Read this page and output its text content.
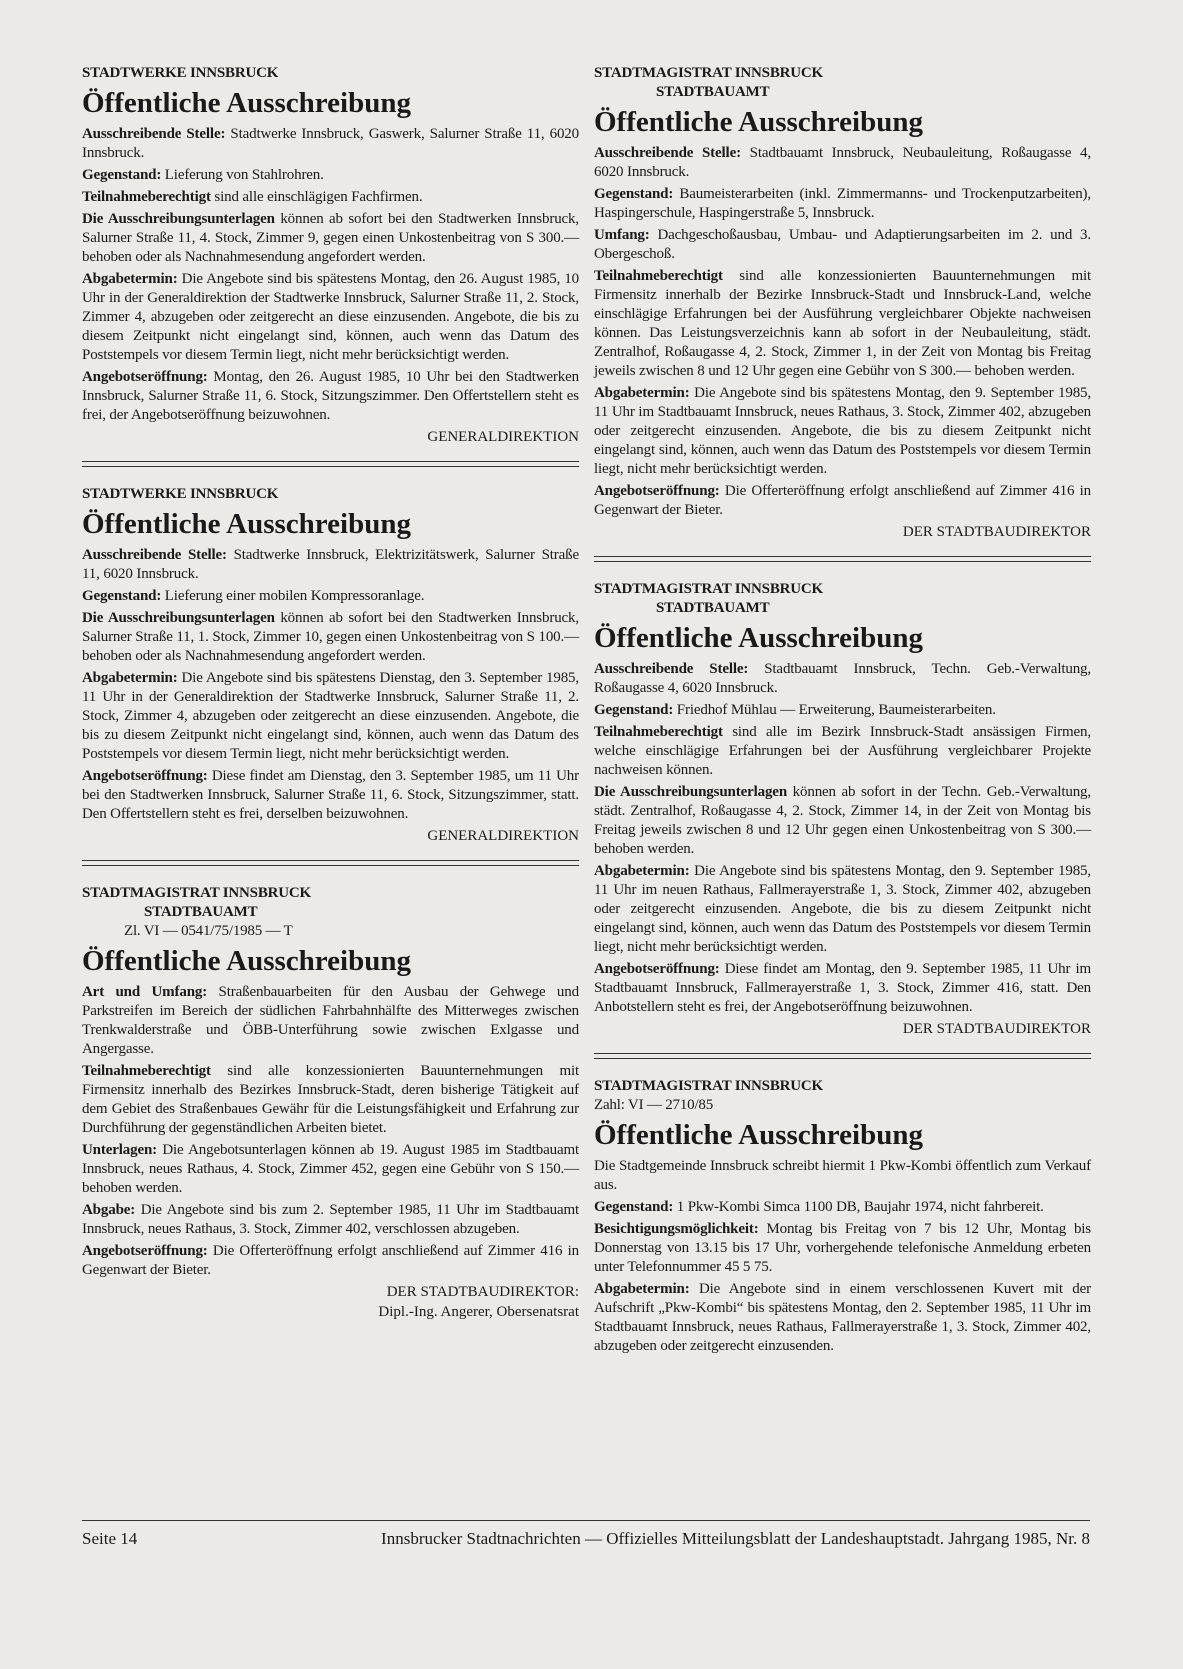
STADTWERKE INNSBRUCK
Öffentliche Ausschreibung

Ausschreibende Stelle: Stadtwerke Innsbruck, Gaswerk, Salurner Straße 11, 6020 Innsbruck.

Gegenstand: Lieferung von Stahlrohren.

Teilnahmeberechtigt sind alle einschlägigen Fachfirmen.

Die Ausschreibungsunterlagen können ab sofort bei den Stadtwerken Innsbruck, Salurner Straße 11, 4. Stock, Zimmer 9, gegen einen Unkostenbeitrag von S 300.— behoben oder als Nachnahmesendung angefordert werden.

Abgabetermin: Die Angebote sind bis spätestens Montag, den 26. August 1985, 10 Uhr in der Generaldirektion der Stadtwerke Innsbruck, Salurner Straße 11, 2. Stock, Zimmer 4, abzugeben oder zeitgerecht an diese einzusenden. Angebote, die bis zu diesem Zeitpunkt nicht eingelangt sind, können, auch wenn das Datum des Poststempels vor diesem Termin liegt, nicht mehr berücksichtigt werden.

Angebotseröffnung: Montag, den 26. August 1985, 10 Uhr bei den Stadtwerken Innsbruck, Salurner Straße 11, 6. Stock, Sitzungszimmer. Den Offertstellern steht es frei, der Angebotseröffnung beizuwohnen.

GENERALDIREKTION
STADTWERKE INNSBRUCK
Öffentliche Ausschreibung

Ausschreibende Stelle: Stadtwerke Innsbruck, Elektrizitätswerk, Salurner Straße 11, 6020 Innsbruck.

Gegenstand: Lieferung einer mobilen Kompressoranlage.

Die Ausschreibungsunterlagen können ab sofort bei den Stadtwerken Innsbruck, Salurner Straße 11, 1. Stock, Zimmer 10, gegen einen Unkostenbeitrag von S 100.— behoben oder als Nachnahmesendung angefordert werden.

Abgabetermin: Die Angebote sind bis spätestens Dienstag, den 3. September 1985, 11 Uhr in der Generaldirektion der Stadtwerke Innsbruck, Salurner Straße 11, 2. Stock, Zimmer 4, abzugeben oder zeitgerecht an diese einzusenden. Angebote, die bis zu diesem Zeitpunkt nicht eingelangt sind, können, auch wenn das Datum des Poststempels vor diesem Termin liegt, nicht mehr berücksichtigt werden.

Angebotseröffnung: Diese findet am Dienstag, den 3. September 1985, um 11 Uhr bei den Stadtwerken Innsbruck, Salurner Straße 11, 6. Stock, Sitzungszimmer, statt. Den Offertstellern steht es frei, derselben beizuwohnen.

GENERALDIREKTION
STADTMAGISTRAT INNSBRUCK
STADTBAUAMT
Zl. VI — 0541/75/1985 — T
Öffentliche Ausschreibung

Art und Umfang: Straßenbauarbeiten für den Ausbau der Gehwege und Parkstreifen im Bereich der südlichen Fahrbahnhälfte des Mitterweges zwischen Trenkwalderstraße und ÖBB-Unterführung sowie zwischen Exlgasse und Angergasse.

Teilnahmeberechtigt sind alle konzessionierten Bauunternehmungen mit Firmensitz innerhalb des Bezirkes Innsbruck-Stadt, deren bisherige Tätigkeit auf dem Gebiet des Straßenbaues Gewähr für die Leistungsfähigkeit und Erfahrung zur Durchführung der gegenständlichen Arbeiten bietet.

Unterlagen: Die Angebotsunterlagen können ab 19. August 1985 im Stadtbauamt Innsbruck, neues Rathaus, 4. Stock, Zimmer 452, gegen eine Gebühr von S 150.— behoben werden.

Abgabe: Die Angebote sind bis zum 2. September 1985, 11 Uhr im Stadtbauamt Innsbruck, neues Rathaus, 3. Stock, Zimmer 402, verschlossen abzugeben.

Angebotseröffnung: Die Offerteröffnung erfolgt anschließend auf Zimmer 416 in Gegenwart der Bieter.

DER STADTBAUDIREKTOR:
Dipl.-Ing. Angerer, Obersenatsrat
STADTMAGISTRAT INNSBRUCK
STADTBAUAMT
Öffentliche Ausschreibung

Ausschreibende Stelle: Stadtbauamt Innsbruck, Neubauleitung, Roßaugasse 4, 6020 Innsbruck.

Gegenstand: Baumeisterarbeiten (inkl. Zimmermanns- und Trockenputzarbeiten), Haspingerschule, Haspingerstraße 5, Innsbruck.

Umfang: Dachgeschoßausbau, Umbau- und Adaptierungsarbeiten im 2. und 3. Obergeschoß.

Teilnahmeberechtigt sind alle konzessionierten Bauunternehmungen mit Firmensitz innerhalb der Bezirke Innsbruck-Stadt und Innsbruck-Land, welche einschlägige Erfahrungen bei der Ausführung vergleichbarer Objekte nachweisen können. Das Leistungsverzeichnis kann ab sofort in der Neubauleitung, städt. Zentralhof, Roßaugasse 4, 2. Stock, Zimmer 1, in der Zeit von Montag bis Freitag jeweils zwischen 8 und 12 Uhr gegen eine Gebühr von S 300.— behoben werden.

Abgabetermin: Die Angebote sind bis spätestens Montag, den 9. September 1985, 11 Uhr im Stadtbauamt Innsbruck, neues Rathaus, 3. Stock, Zimmer 402, abzugeben oder zeitgerecht einzusenden. Angebote, die bis zu diesem Zeitpunkt nicht eingelangt sind, können, auch wenn das Datum des Poststempels vor diesem Termin liegt, nicht mehr berücksichtigt werden.

Angebotseröffnung: Die Offerteröffnung erfolgt anschließend auf Zimmer 416 in Gegenwart der Bieter.

DER STADTBAUDIREKTOR
STADTMAGISTRAT INNSBRUCK
STADTBAUAMT
Öffentliche Ausschreibung

Ausschreibende Stelle: Stadtbauamt Innsbruck, Techn. Geb.-Verwaltung, Roßaugasse 4, 6020 Innsbruck.

Gegenstand: Friedhof Mühlau — Erweiterung, Baumeisterarbeiten.

Teilnahmeberechtigt sind alle im Bezirk Innsbruck-Stadt ansässigen Firmen, welche einschlägige Erfahrungen bei der Ausführung vergleichbarer Projekte nachweisen können.

Die Ausschreibungsunterlagen können ab sofort in der Techn. Geb.-Verwaltung, städt. Zentralhof, Roßaugasse 4, 2. Stock, Zimmer 14, in der Zeit von Montag bis Freitag jeweils zwischen 8 und 12 Uhr gegen einen Unkostenbeitrag von S 300.— behoben werden.

Abgabetermin: Die Angebote sind bis spätestens Montag, den 9. September 1985, 11 Uhr im neuen Rathaus, Fallmerayerstraße 1, 3. Stock, Zimmer 402, abzugeben oder zeitgerecht einzusenden. Angebote, die bis zu diesem Zeitpunkt nicht eingelangt sind, können, auch wenn das Datum des Poststempels vor diesem Termin liegt, nicht mehr berücksichtigt werden.

Angebotseröffnung: Diese findet am Montag, den 9. September 1985, 11 Uhr im Stadtbauamt Innsbruck, Fallmerayerstraße 1, 3. Stock, Zimmer 416, statt. Den Anbotstellern steht es frei, der Angebotseröffnung beizuwohnen.

DER STADTBAUDIREKTOR
STADTMAGISTRAT INNSBRUCK
Zahl: VI — 2710/85
Öffentliche Ausschreibung

Die Stadtgemeinde Innsbruck schreibt hiermit 1 Pkw-Kombi öffentlich zum Verkauf aus.

Gegenstand: 1 Pkw-Kombi Simca 1100 DB, Baujahr 1974, nicht fahrbereit.

Besichtigungsmöglichkeit: Montag bis Freitag von 7 bis 12 Uhr, Montag bis Donnerstag von 13.15 bis 17 Uhr, vorhergehende telefonische Anmeldung erbeten unter Telefonnummer 45 5 75.

Abgabetermin: Die Angebote sind in einem verschlossenen Kuvert mit der Aufschrift „Pkw-Kombi“ bis spätestens Montag, den 2. September 1985, 11 Uhr im Stadtbauamt Innsbruck, neues Rathaus, Fallmerayerstraße 1, 3. Stock, Zimmer 402, abzugeben oder zeitgerecht einzusenden.

Seite 14	Innsbrucker Stadtnachrichten — Offizielles Mitteilungsblatt der Landeshauptstadt. Jahrgang 1985, Nr. 8
